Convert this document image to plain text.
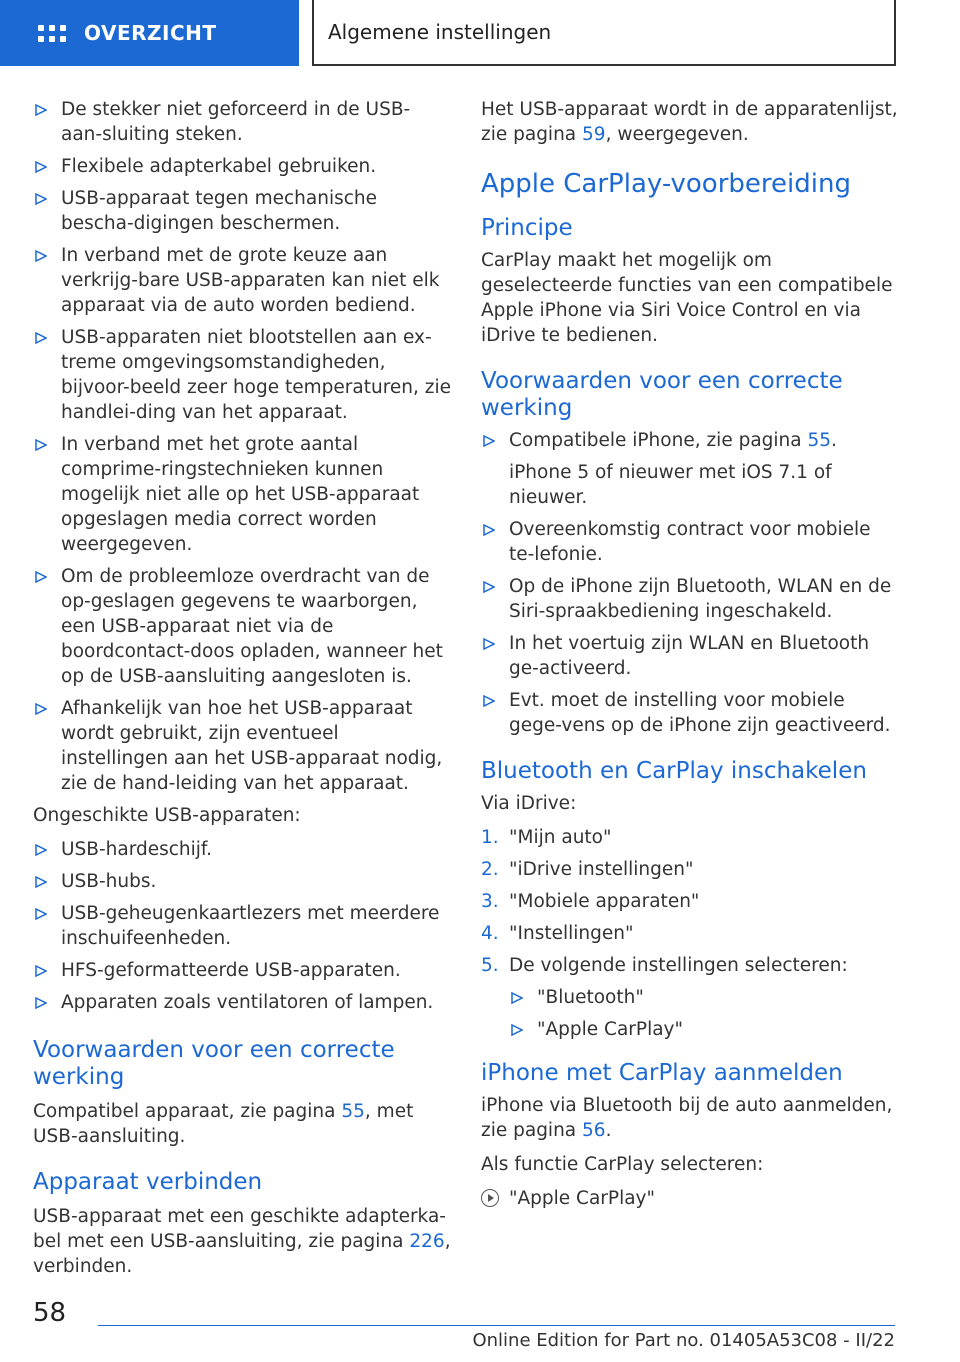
OVERZICHT	Algemene instellingen
De stekker niet geforceerd in de USB-aan-sluiting steken.
Flexibele adapterkabel gebruiken.
USB-apparaat tegen mechanische bescha-digingen beschermen.
In verband met de grote keuze aan verkrijg-bare USB-apparaten kan niet elk apparaat via de auto worden bediend.
USB-apparaten niet blootstellen aan ex-treme omgevingsomstandigheden, bijvoor-beeld zeer hoge temperaturen, zie handlei-ding van het apparaat.
In verband met het grote aantal comprime-ringstechnieken kunnen mogelijk niet alle op het USB-apparaat opgeslagen media correct worden weergegeven.
Om de probleemloze overdracht van de op-geslagen gegevens te waarborgen, een USB-apparaat niet via de boordcontact-doos opladen, wanneer het op de USB-aansluiting aangesloten is.
Afhankelijk van hoe het USB-apparaat wordt gebruikt, zijn eventueel instellingen aan het USB-apparaat nodig, zie de hand-leiding van het apparaat.

Ongeschikte USB-apparaten:

USB-hardeschijf.
USB-hubs.
USB-geheugenkaartlezers met meerdere inschuifeenheden.
HFS-geformatteerde USB-apparaten.
Apparaten zoals ventilatoren of lampen.
Voorwaarden voor een correcte werking

Compatibel apparaat, zie pagina 55, met USB-aansluiting.

Apparaat verbinden

USB-apparaat met een geschikte adapterka-bel met een USB-aansluiting, zie pagina 226, verbinden.

Het USB-apparaat wordt in de apparatenlijst, zie pagina 59, weergegeven.

Apple CarPlay-voorbereiding
Principe

CarPlay maakt het mogelijk om geselecteerde functies van een compatibele Apple iPhone via Siri Voice Control en via iDrive te bedienen.

Voorwaarden voor een correcte werking
Compatibele iPhone, zie pagina 55.
iPhone 5 of nieuwer met iOS 7.1 of nieuwer.
Overeenkomstig contract voor mobiele te-lefonie.
Op de iPhone zijn Bluetooth, WLAN en de Siri-spraakbediening ingeschakeld.
In het voertuig zijn WLAN en Bluetooth ge-activeerd.
Evt. moet de instelling voor mobiele gege-vens op de iPhone zijn geactiveerd.
Bluetooth en CarPlay inschakelen

Via iDrive:

1. "Mijn auto"
2. "iDrive instellingen"
3. "Mobiele apparaten"
4. "Instellingen"
5. De volgende instellingen selecteren:
"Bluetooth"
"Apple CarPlay"
iPhone met CarPlay aanmelden

iPhone via Bluetooth bij de auto aanmelden, zie pagina 56.

Als functie CarPlay selecteren:

"Apple CarPlay"
58
Online Edition for Part no. 01405A53C08 - II/22
